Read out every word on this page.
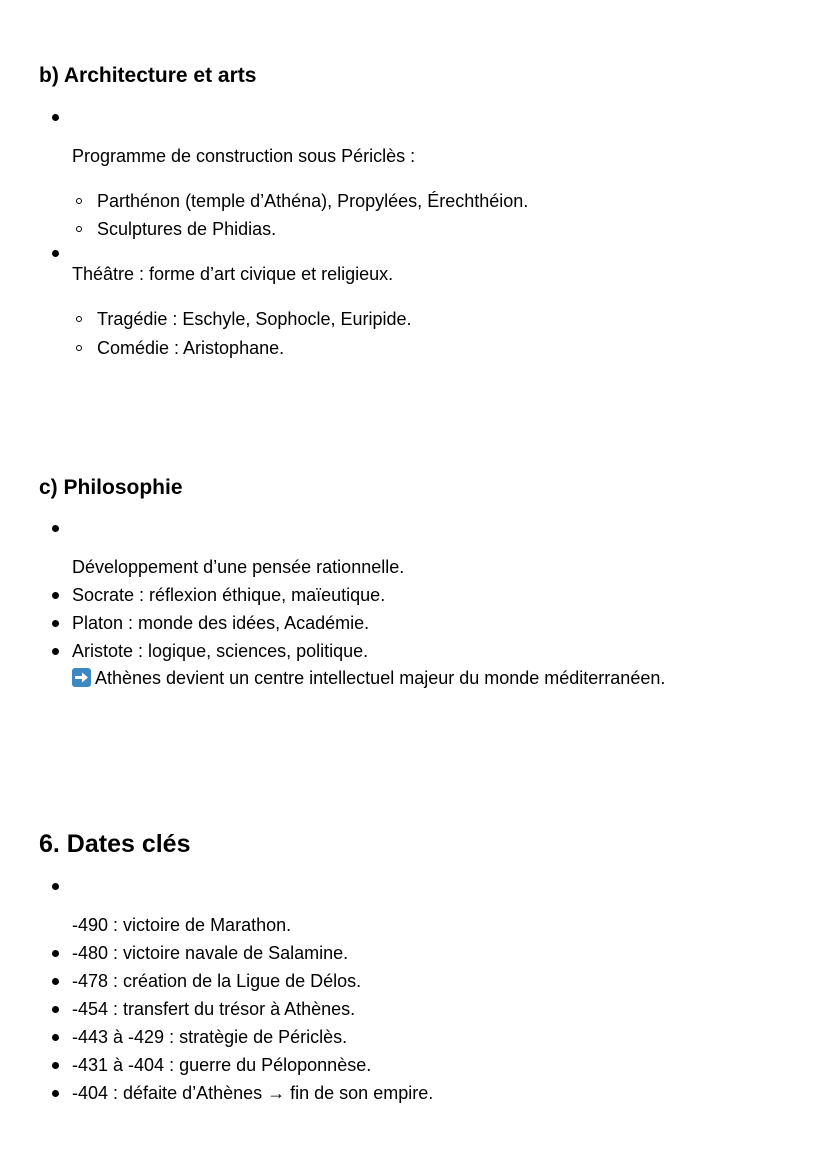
b) Architecture et arts

Programme de construction sous Périclès :

Parthénon (temple d’Athéna), Propylées, Érechthéion.

Sculptures de Phidias.

Théâtre : forme d’art civique et religieux.

Tragédie : Eschyle, Sophocle, Euripide.

Comédie : Aristophane.

c) Philosophie

Développement d’une pensée rationnelle.

Socrate : réflexion éthique, maïeutique.

Platon : monde des idées, Académie.

Aristote : logique, sciences, politique.

Athènes devient un centre intellectuel majeur du monde méditerranéen.

6. Dates clés

-490 : victoire de Marathon.

-480 : victoire navale de Salamine.

-478 : création de la Ligue de Délos.

-454 : transfert du trésor à Athènes.

-443 à -429 : stratègie de Périclès.

-431 à -404 : guerre du Péloponnèse.

-404 : défaite d’Athènes → fin de son empire.
